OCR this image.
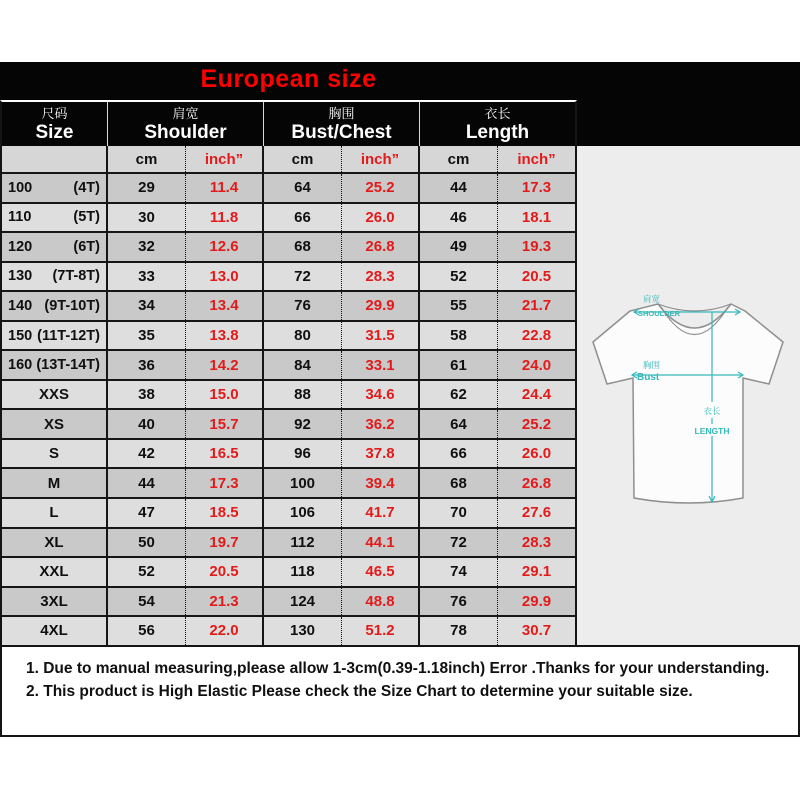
European size
尺码
Size
肩宽
Shoulder
胸围
Bust/Chest
衣长
Length
cm	inch”	cm	inch”	cm	inch”
100	(4T)	29	11.4	64	25.2	44	17.3
110	(5T)	30	11.8	66	26.0	46	18.1
120	(6T)	32	12.6	68	26.8	49	19.3
130 (7T-8T)	33	13.0	72	28.3	52	20.5
140 (9T-10T)	34	13.4	76	29.9	55	21.7
150 (11T-12T)	35	13.8	80	31.5	58	22.8
160 (13T-14T)	36	14.2	84	33.1	61	24.0
XXS	38	15.0	88	34.6	62	24.4
XS	40	15.7	92	36.2	64	25.2
S	42	16.5	96	37.8	66	26.0
M	44	17.3	100	39.4	68	26.8
L	47	18.5	106	41.7	70	27.6
XL	50	19.7	112	44.1	72	28.3
XXL	52	20.5	118	46.5	74	29.1
3XL	54	21.3	124	48.8	76	29.9
4XL	56	22.0	130	51.2	78	30.7
肩宽
SHOULDER
胸围
Bust
衣长
LENGTH
1. Due to manual measuring,please allow 1-3cm(0.39-1.18inch) Error .Thanks for your understanding.
2. This product is High Elastic Please check the Size Chart to determine your suitable size.
